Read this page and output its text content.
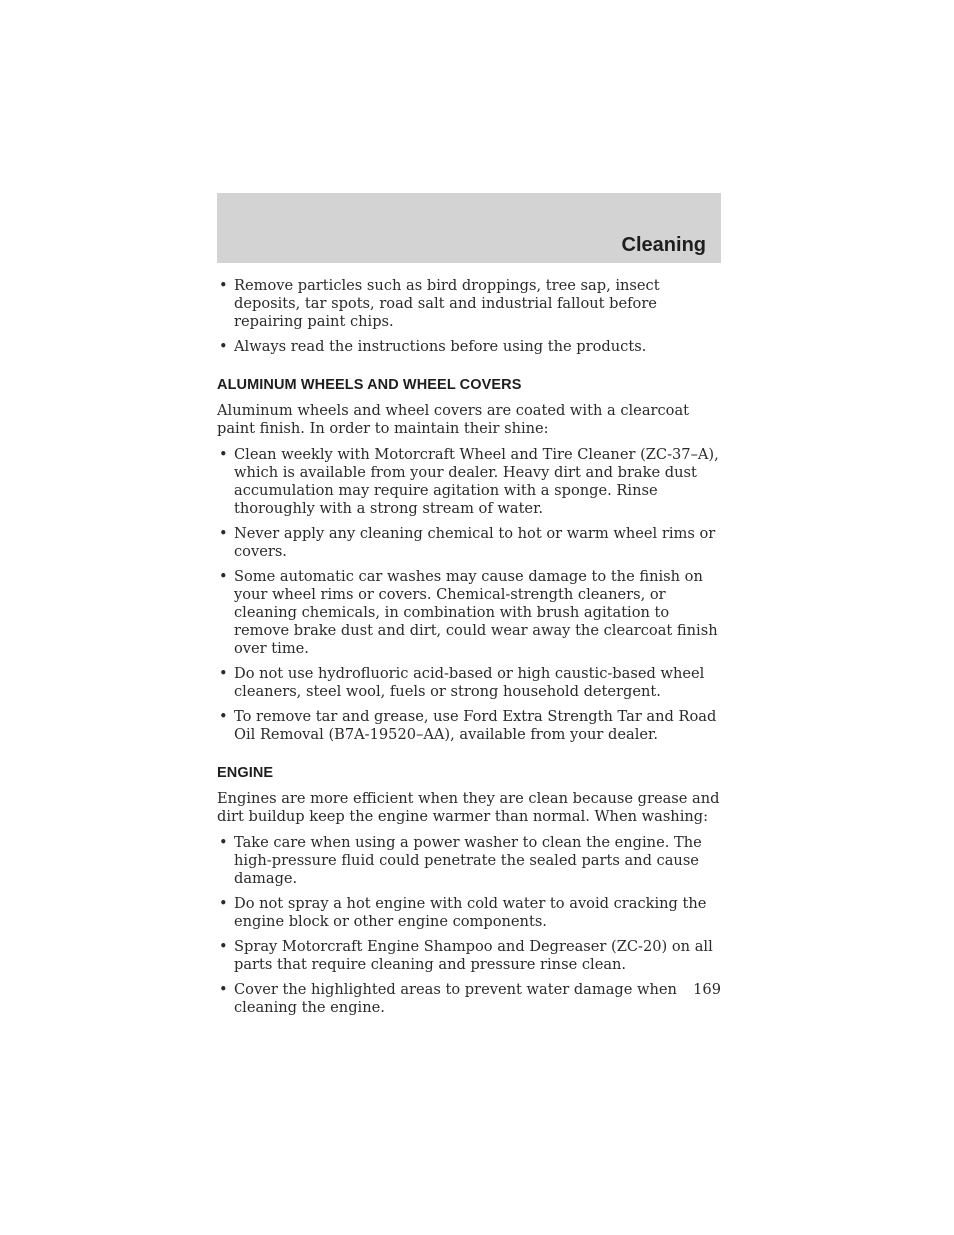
Cleaning
• Remove particles such as bird droppings, tree sap, insect deposits, tar spots, road salt and industrial fallout before repairing paint chips.
• Always read the instructions before using the products.
ALUMINUM WHEELS AND WHEEL COVERS

Aluminum wheels and wheel covers are coated with a clearcoat paint finish. In order to maintain their shine:

• Clean weekly with Motorcraft Wheel and Tire Cleaner (ZC-37–A), which is available from your dealer. Heavy dirt and brake dust accumulation may require agitation with a sponge. Rinse thoroughly with a strong stream of water.
• Never apply any cleaning chemical to hot or warm wheel rims or covers.
• Some automatic car washes may cause damage to the finish on your wheel rims or covers. Chemical-strength cleaners, or cleaning chemicals, in combination with brush agitation to remove brake dust and dirt, could wear away the clearcoat finish over time.
• Do not use hydrofluoric acid-based or high caustic-based wheel cleaners, steel wool, fuels or strong household detergent.
• To remove tar and grease, use Ford Extra Strength Tar and Road Oil Removal (B7A-19520–AA), available from your dealer.
ENGINE

Engines are more efficient when they are clean because grease and dirt buildup keep the engine warmer than normal. When washing:

• Take care when using a power washer to clean the engine. The high-pressure fluid could penetrate the sealed parts and cause damage.
• Do not spray a hot engine with cold water to avoid cracking the engine block or other engine components.
• Spray Motorcraft Engine Shampoo and Degreaser (ZC-20) on all parts that require cleaning and pressure rinse clean.
• Cover the highlighted areas to prevent water damage when cleaning the engine.
169
